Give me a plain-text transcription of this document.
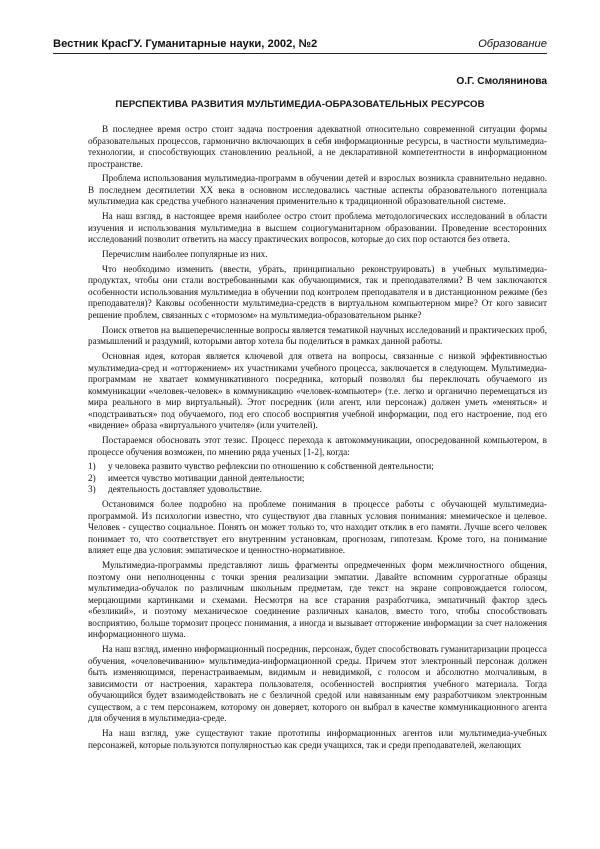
Вестник КрасГУ. Гуманитарные науки, 2002, №2	Образование
О.Г. Смолянинова
ПЕРСПЕКТИВА РАЗВИТИЯ МУЛЬТИМЕДИА-ОБРАЗОВАТЕЛЬНЫХ РЕСУРСОВ

В последнее время остро стоит задача построения адекватной относительно современной ситуации формы образовательных процессов, гармонично включающих в себя информационные ресурсы, в частности мультимедиа-технологии, и способствующих становлению реальной, а не декларативной компетентности в информационном пространстве.

Проблема использования мультимедиа-программ в обучении детей и взрослых возникла сравнительно недавно. В последнем десятилетии XX века в основном исследовались частные аспекты образовательного потенциала мультимедиа как средства учебного назначения применительно к традиционной образовательной системе.

На наш взгляд, в настоящее время наиболее остро стоит проблема методологических исследований в области изучения и использования мультимедиа в высшем социогуманитарном образовании. Проведение всесторонних исследований позволит ответить на массу практических вопросов, которые до сих пор остаются без ответа.

Перечислим наиболее популярные из них.

Что необходимо изменить (ввести, убрать, принципиально реконструировать) в учебных мультимедиа-продуктах, чтобы они стали востребованными как обучающимися, так и преподавателями? В чем заключаются особенности использования мультимедиа в обучении под контролем преподавателя и в дистанционном режиме (без преподавателя)? Каковы особенности мультимедиа-средств в виртуальном компьютерном мире? От кого зависит решение проблем, связанных с «тормозом» на мультимедиа-образовательном рынке?

Поиск ответов на вышеперечисленные вопросы является тематикой научных исследований и практических проб, размышлений и раздумий, которыми автор хотела бы поделиться в рамках данной работы.

Основная идея, которая является ключевой для ответа на вопросы, связанные с низкой эффективностью мультимедиа-сред и «отторжением» их участниками учебного процесса, заключается в следующем. Мультимедиа-программам не хватает коммуникативного посредника, который позволял бы переключать обучаемого из коммуникации «человек-человек» в коммуникацию «человек-компьютер» (т.е. легко и органично перемещаться из мира реального в мир виртуальный). Этот посредник (или агент, или персонаж) должен уметь «меняться» и «подстраиваться» под обучаемого, под его способ восприятия учебной информации, под его настроение, под его «видение» образа «виртуального учителя» (или учителей).

Постараемся обосновать этот тезис. Процесс перехода к автокоммуникации, опосредованной компьютером, в процессе обучения возможен, по мнению ряда ученых [1-2], когда:

1) у человека развито чувство рефлексии по отношению к собственной деятельности;
2) имеется чувство мотивации данной деятельности;
3) деятельность доставляет удовольствие.

Остановимся более подробно на проблеме понимания в процессе работы с обучающей мультимедиа-программой. Из психологии известно, что существуют два главных условия понимания: мнемическое и целевое. Человек - существо социальное. Понять он может только то, что находит отклик в его памяти. Лучше всего человек понимает то, что соответствует его внутренним установкам, прогнозам, гипотезам. Кроме того, на понимание влияет еще два условия: эмпатическое и ценностно-нормативное.

Мультимедиа-программы представляют лишь фрагменты опредмеченных форм межличностного общения, поэтому они неполноценны с точки зрения реализации эмпатии. Давайте вспомним суррогатные образцы мультимедиа-обучалок по различным школьным предметам, где текст на экране сопровождается голосом, мерцающими картинками и схемами. Несмотря на все старания разработчика, эмпатичный фактор здесь «безликий», и поэтому механическое соединение различных каналов, вместо того, чтобы способствовать восприятию, больше тормозит процесс понимания, а иногда и вызывает отторжение информации за счет наложения информационного шума.

На наш взгляд, именно информационный посредник, персонаж, будет способствовать гуманитаризации процесса обучения, «очеловечиванию» мультимедиа-информационной среды. Причем этот электронный персонаж должен быть изменяющимся, перенастраиваемым, видимым и невидимкой, с голосом и абсолютно молчаливым, в зависимости от настроения, характера пользователя, особенностей восприятия учебного материала. Тогда обучающийся будет взаимодействовать не с безличной средой или навязанным ему разработчиком электронным существом, а с тем персонажем, которому он доверяет, которого он выбрал в качестве коммуникационного агента для обучения в мультимедиа-среде.

На наш взгляд, уже существуют такие прототипы информационных агентов или мультимедиа-учебных персонажей, которые пользуются популярностью как среди учащихся, так и среди преподавателей, желающих
